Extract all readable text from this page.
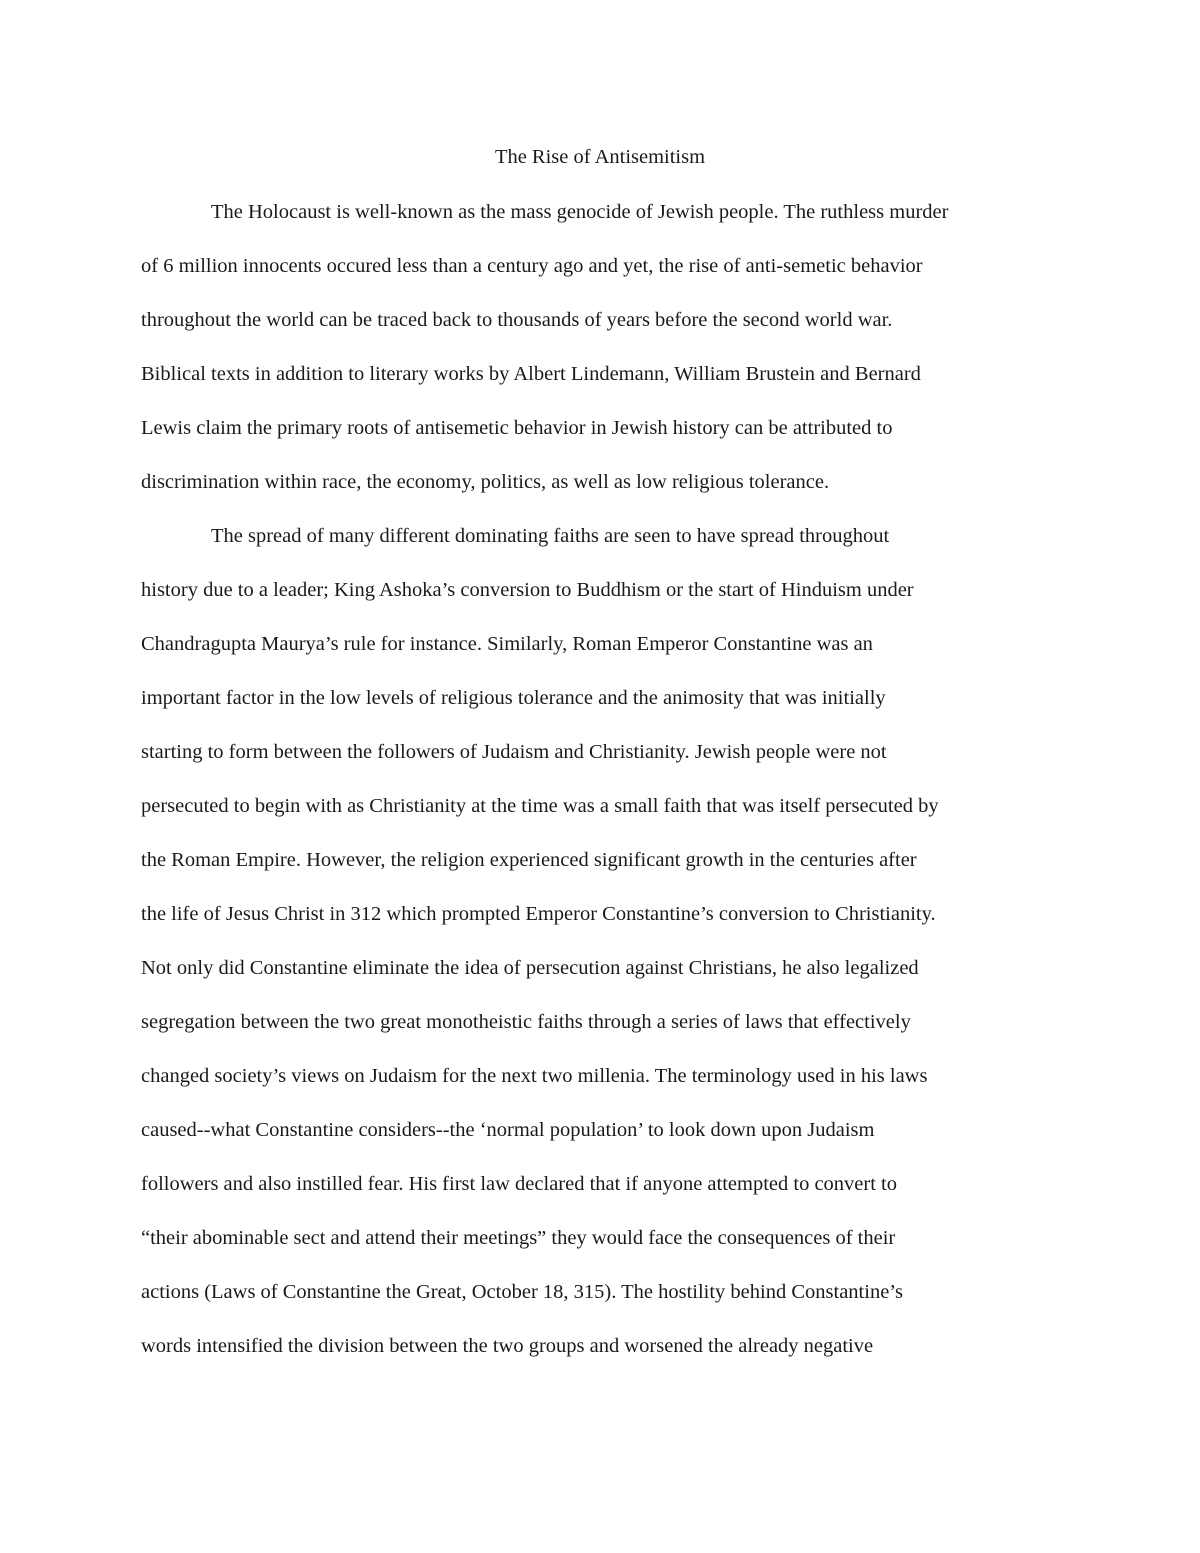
The Rise of Antisemitism

The Holocaust is well-known as the mass genocide of Jewish people. The ruthless murder

of 6 million innocents occured less than a century ago and yet, the rise of anti-semetic behavior

throughout the world can be traced back to thousands of years before the second world war.

Biblical texts in addition to literary works by Albert Lindemann, William Brustein and Bernard

Lewis claim the primary roots of antisemetic behavior in Jewish history can be attributed to

discrimination within race, the economy, politics, as well as low religious tolerance.

The spread of many different dominating faiths are seen to have spread throughout

history due to a leader; King Ashoka’s conversion to Buddhism or the start of Hinduism under

Chandragupta Maurya’s rule for instance. Similarly, Roman Emperor Constantine was an

important factor in the low levels of religious tolerance and the animosity that was initially

starting to form between the followers of Judaism and Christianity. Jewish people were not

persecuted to begin with as Christianity at the time was a small faith that was itself persecuted by

the Roman Empire. However, the religion experienced significant growth in the centuries after

the life of Jesus Christ in 312 which prompted Emperor Constantine’s conversion to Christianity.

Not only did Constantine eliminate the idea of persecution against Christians, he also legalized

segregation between the two great monotheistic faiths through a series of laws that effectively

changed society’s views on Judaism for the next two millenia. The terminology used in his laws

caused--what Constantine considers--the ‘normal population’ to look down upon Judaism

followers and also instilled fear. His first law declared that if anyone attempted to convert to

“their abominable sect and attend their meetings” they would face the consequences of their

actions (Laws of Constantine the Great, October 18, 315). The hostility behind Constantine’s

words intensified the division between the two groups and worsened the already negative
